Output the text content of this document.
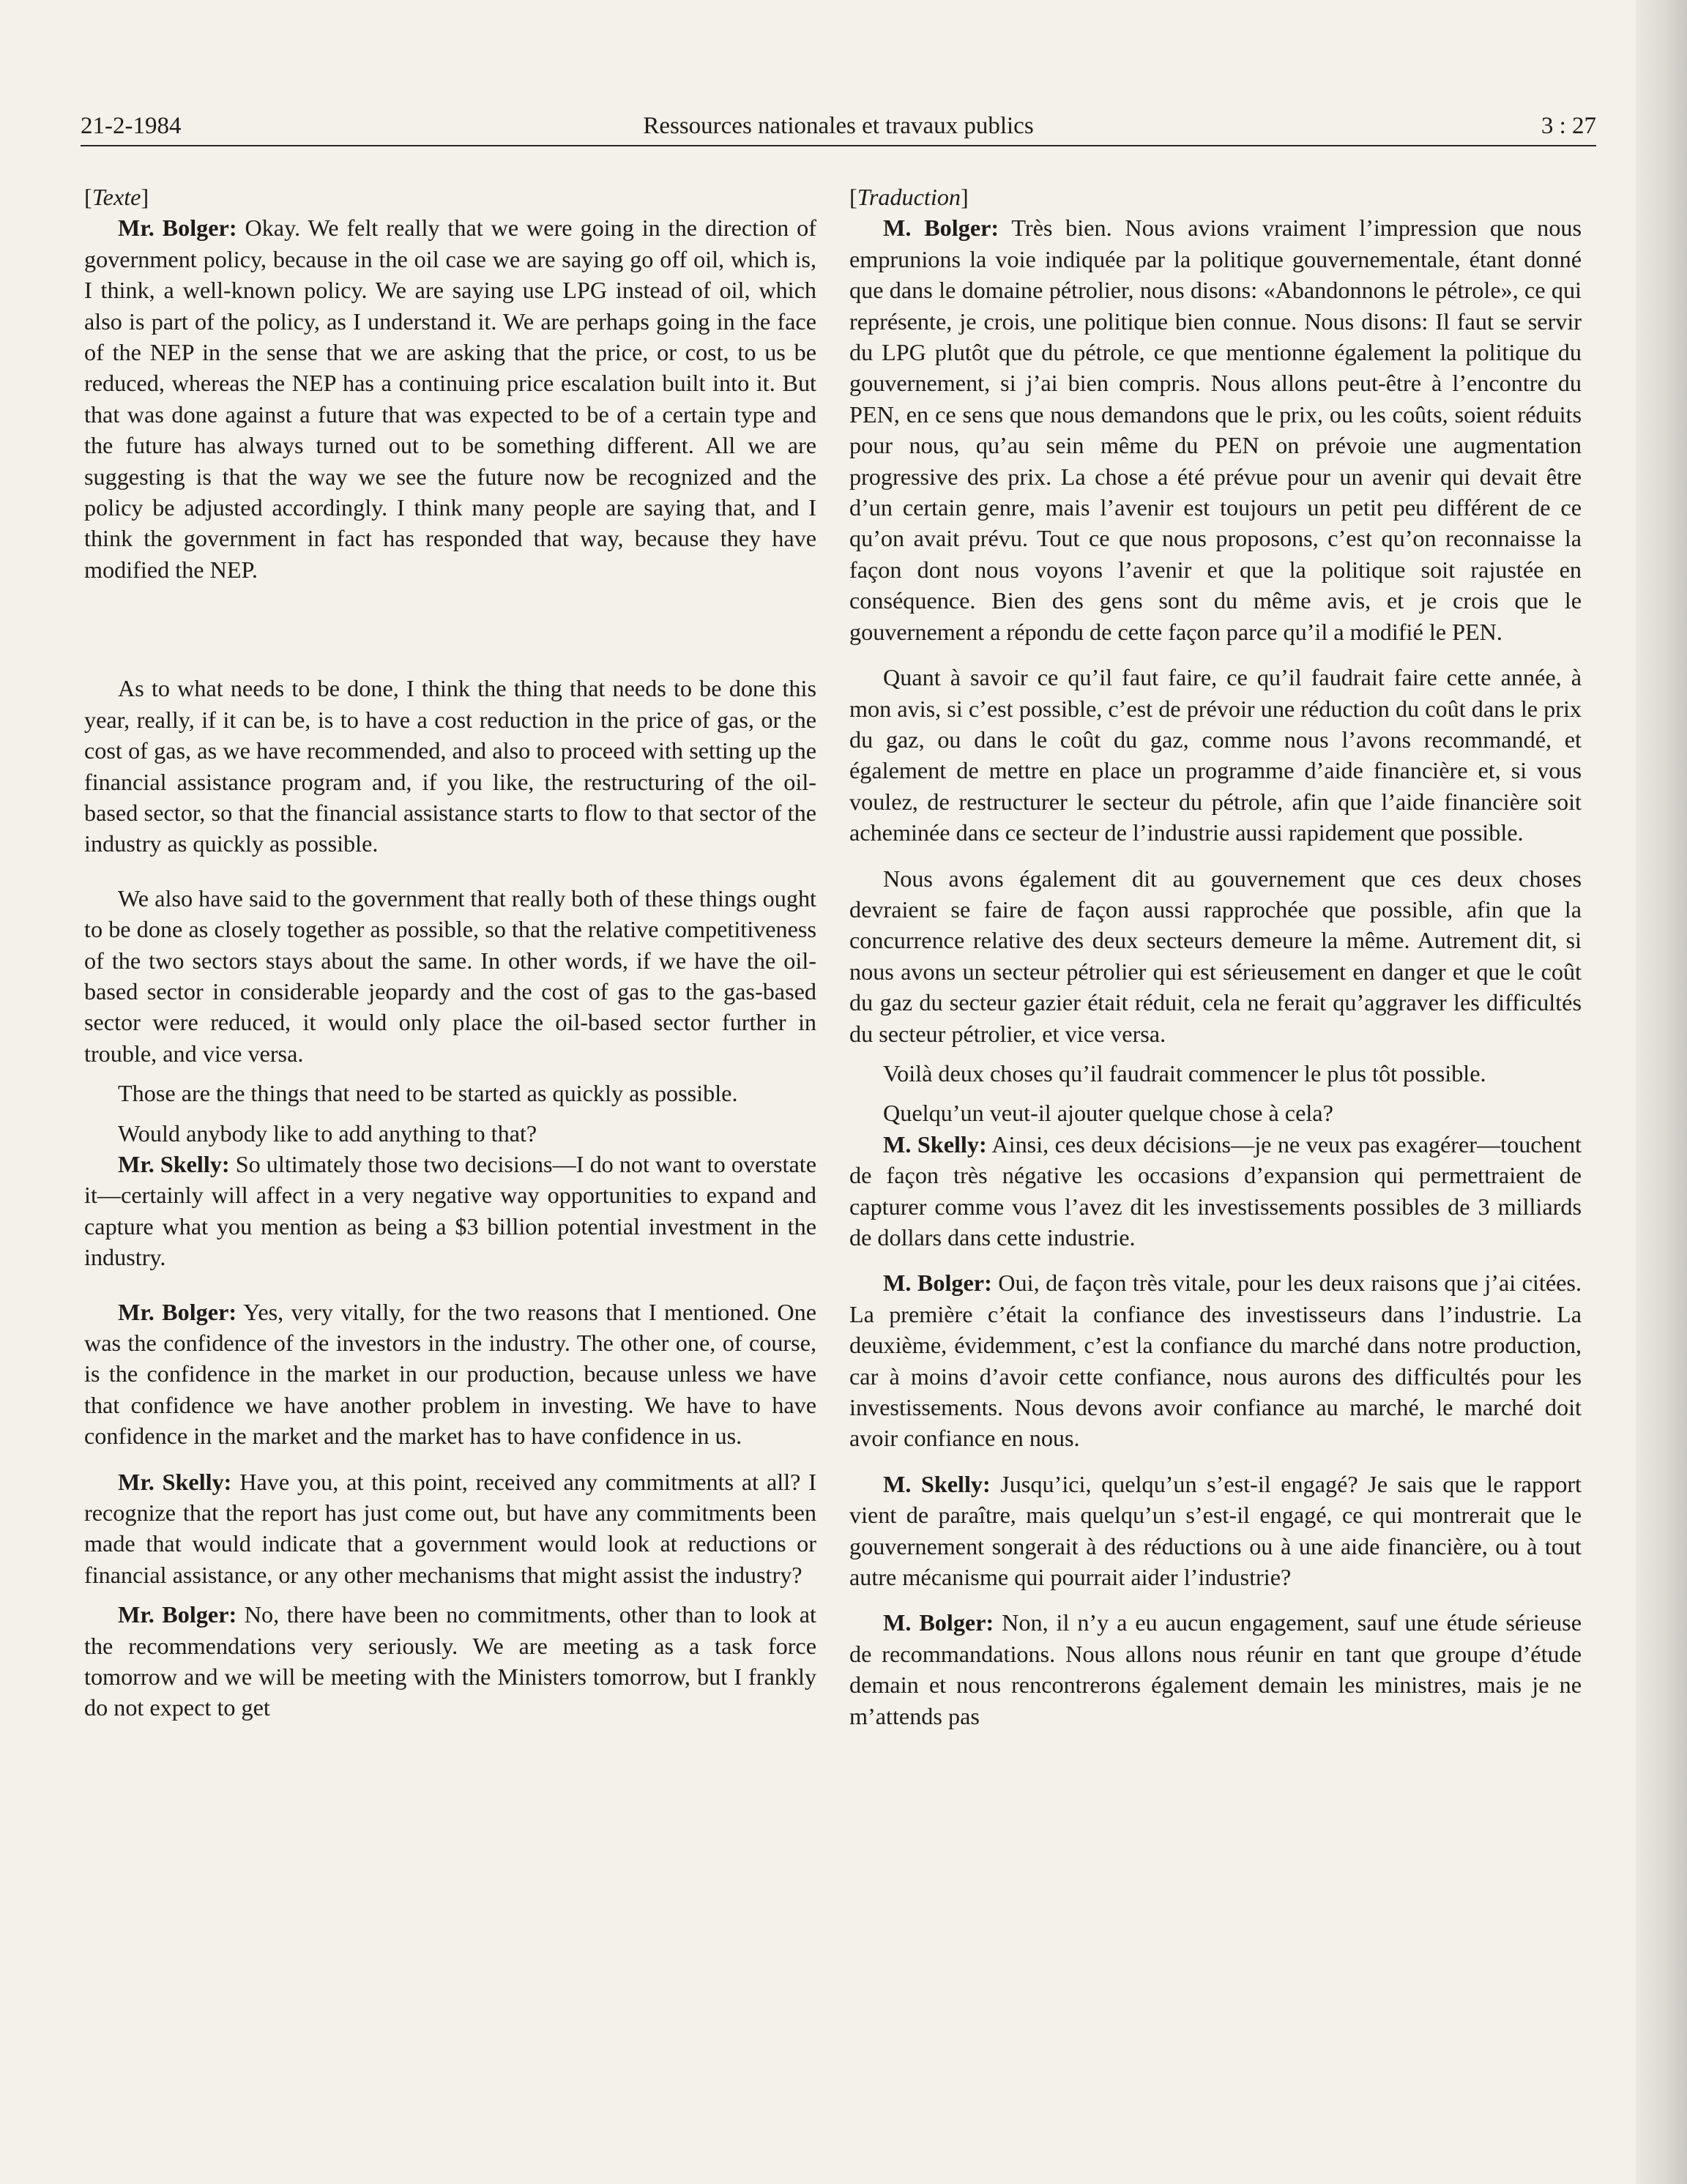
21-2-1984	Ressources nationales et travaux publics	3 : 27

[Texte]

Mr. Bolger: Okay. We felt really that we were going in the direction of government policy, because in the oil case we are saying go off oil, which is, I think, a well-known policy. We are saying use LPG instead of oil, which also is part of the policy, as I understand it. We are perhaps going in the face of the NEP in the sense that we are asking that the price, or cost, to us be reduced, whereas the NEP has a continuing price escalation built into it. But that was done against a future that was expected to be of a certain type and the future has always turned out to be something different. All we are suggesting is that the way we see the future now be recognized and the policy be adjusted accordingly. I think many people are saying that, and I think the government in fact has responded that way, because they have modified the NEP.

As to what needs to be done, I think the thing that needs to be done this year, really, if it can be, is to have a cost reduction in the price of gas, or the cost of gas, as we have recommended, and also to proceed with setting up the financial assistance program and, if you like, the restructuring of the oil-based sector, so that the financial assistance starts to flow to that sector of the industry as quickly as possible.

We also have said to the government that really both of these things ought to be done as closely together as possible, so that the relative competitiveness of the two sectors stays about the same. In other words, if we have the oil-based sector in considerable jeopardy and the cost of gas to the gas-based sector were reduced, it would only place the oil-based sector further in trouble, and vice versa.

Those are the things that need to be started as quickly as possible.

Would anybody like to add anything to that?

Mr. Skelly: So ultimately those two decisions—I do not want to overstate it—certainly will affect in a very negative way opportunities to expand and capture what you mention as being a $3 billion potential investment in the industry.

Mr. Bolger: Yes, very vitally, for the two reasons that I mentioned. One was the confidence of the investors in the industry. The other one, of course, is the confidence in the market in our production, because unless we have that confidence we have another problem in investing. We have to have confidence in the market and the market has to have confidence in us.

Mr. Skelly: Have you, at this point, received any commitments at all? I recognize that the report has just come out, but have any commitments been made that would indicate that a government would look at reductions or financial assistance, or any other mechanisms that might assist the industry?

Mr. Bolger: No, there have been no commitments, other than to look at the recommendations very seriously. We are meeting as a task force tomorrow and we will be meeting with the Ministers tomorrow, but I frankly do not expect to get

[Traduction]

M. Bolger: Très bien. Nous avions vraiment l’impression que nous emprunions la voie indiquée par la politique gouvernementale, étant donné que dans le domaine pétrolier, nous disons: «Abandonnons le pétrole», ce qui représente, je crois, une politique bien connue. Nous disons: Il faut se servir du LPG plutôt que du pétrole, ce que mentionne également la politique du gouvernement, si j’ai bien compris. Nous allons peut-être à l’encontre du PEN, en ce sens que nous demandons que le prix, ou les coûts, soient réduits pour nous, qu’au sein même du PEN on prévoie une augmentation progressive des prix. La chose a été prévue pour un avenir qui devait être d’un certain genre, mais l’avenir est toujours un petit peu différent de ce qu’on avait prévu. Tout ce que nous proposons, c’est qu’on reconnaisse la façon dont nous voyons l’avenir et que la politique soit rajustée en conséquence. Bien des gens sont du même avis, et je crois que le gouvernement a répondu de cette façon parce qu’il a modifié le PEN.

Quant à savoir ce qu’il faut faire, ce qu’il faudrait faire cette année, à mon avis, si c’est possible, c’est de prévoir une réduction du coût dans le prix du gaz, ou dans le coût du gaz, comme nous l’avons recommandé, et également de mettre en place un programme d’aide financière et, si vous voulez, de restructurer le secteur du pétrole, afin que l’aide financière soit acheminée dans ce secteur de l’industrie aussi rapidement que possible.

Nous avons également dit au gouvernement que ces deux choses devraient se faire de façon aussi rapprochée que possible, afin que la concurrence relative des deux secteurs demeure la même. Autrement dit, si nous avons un secteur pétrolier qui est sérieusement en danger et que le coût du gaz du secteur gazier était réduit, cela ne ferait qu’aggraver les difficultés du secteur pétrolier, et vice versa.

Voilà deux choses qu’il faudrait commencer le plus tôt possible.

Quelqu’un veut-il ajouter quelque chose à cela?

M. Skelly: Ainsi, ces deux décisions—je ne veux pas exagérer—touchent de façon très négative les occasions d’expansion qui permettraient de capturer comme vous l’avez dit les investissements possibles de 3 milliards de dollars dans cette industrie.

M. Bolger: Oui, de façon très vitale, pour les deux raisons que j’ai citées. La première c’était la confiance des investisseurs dans l’industrie. La deuxième, évidemment, c’est la confiance du marché dans notre production, car à moins d’avoir cette confiance, nous aurons des difficultés pour les investissements. Nous devons avoir confiance au marché, le marché doit avoir confiance en nous.

M. Skelly: Jusqu’ici, quelqu’un s’est-il engagé? Je sais que le rapport vient de paraître, mais quelqu’un s’est-il engagé, ce qui montrerait que le gouvernement songerait à des réductions ou à une aide financière, ou à tout autre mécanisme qui pourrait aider l’industrie?

M. Bolger: Non, il n’y a eu aucun engagement, sauf une étude sérieuse de recommandations. Nous allons nous réunir en tant que groupe d’étude demain et nous rencontrerons également demain les ministres, mais je ne m’attends pas
